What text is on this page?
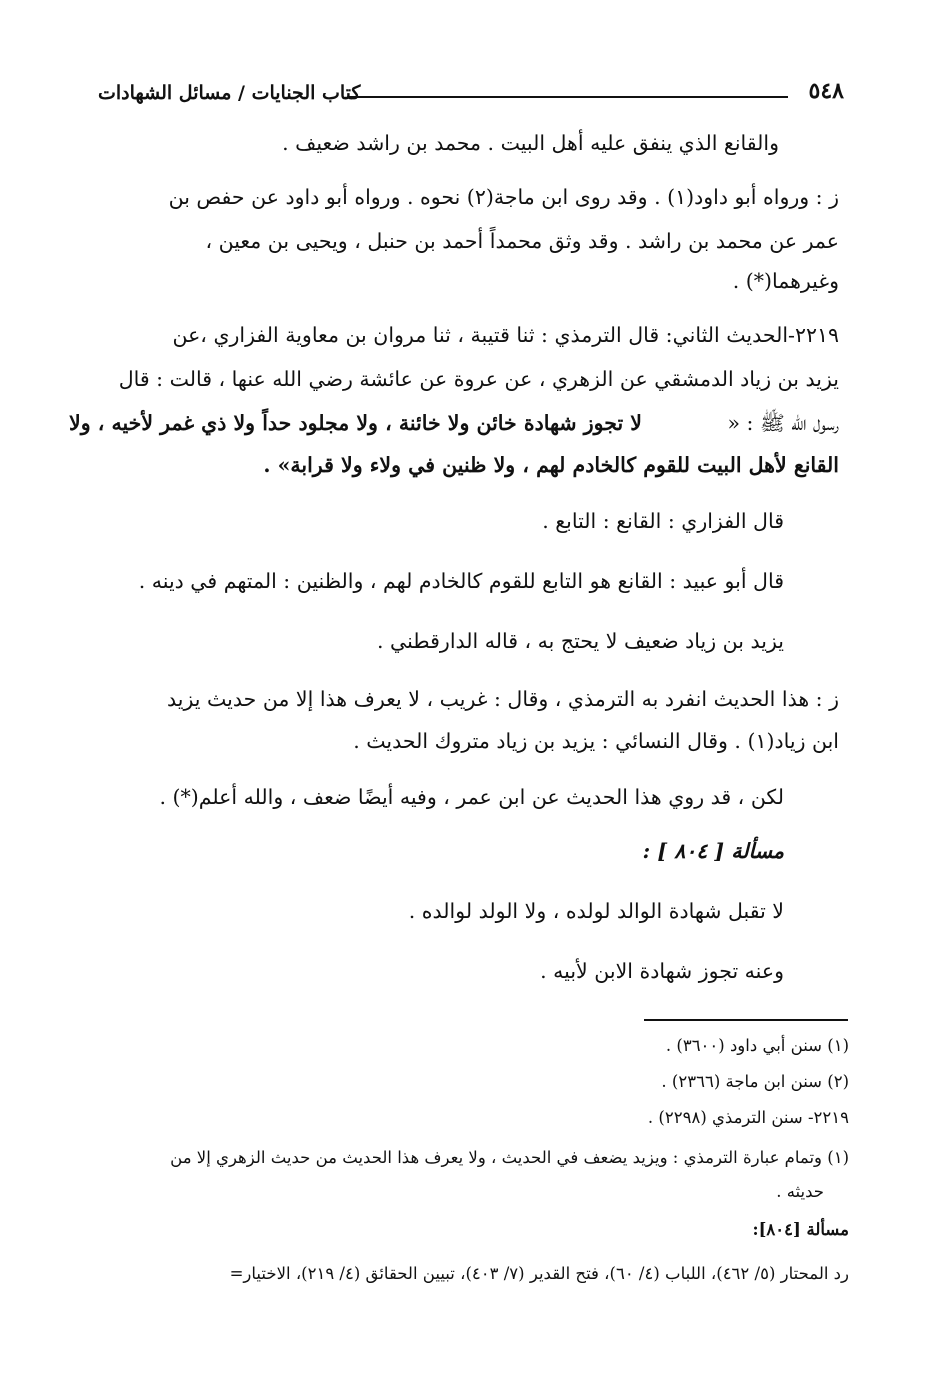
٥٤٨
كتاب الجنايات / مسائل الشهادات
والقانع الذي ينفق عليه أهل البيت . محمد بن راشد ضعيف .
ز : ورواه أبو داود(١) . وقد روى ابن ماجة(٢) نحوه . ورواه أبو داود عن حفص بن
عمر عن محمد بن راشد . وقد وثق محمداً أحمد بن حنبل ، ويحيى بن معين ،
وغيرهما(*) .
٢٢١٩-الحديث الثاني: قال الترمذي : ثنا قتيبة ، ثنا مروان بن معاوية الفزاري ،عن
يزيد بن زياد الدمشقي عن الزهري ، عن عروة عن عائشة رضي الله عنها ، قالت : قال
رسول الله ﷺ : «
لا تجوز شهادة خائن ولا خائنة ، ولا مجلود حداً ولا ذي غمر لأخيه ، ولا
القانع لأهل البيت للقوم كالخادم لهم ، ولا ظنين في ولاء ولا قرابة» .
قال الفزاري : القانع : التابع .
قال أبو عبيد : القانع هو التابع للقوم كالخادم لهم ، والظنين : المتهم في دينه .
يزيد بن زياد ضعيف لا يحتج به ، قاله الدارقطني .
ز : هذا الحديث انفرد به الترمذي ، وقال : غريب ، لا يعرف هذا إلا من حديث يزيد
ابن زياد(١) . وقال النسائي : يزيد بن زياد متروك الحديث .
لكن ، قد روي هذا الحديث عن ابن عمر ، وفيه أيضًا ضعف ، والله أعلم(*) .
مسألة [ ٨٠٤ ] :
لا تقبل شهادة الوالد لولده ، ولا الولد لوالده .
وعنه تجوز شهادة الابن لأبيه .
(١) سنن أبي داود (٣٦٠٠) .
(٢) سنن ابن ماجة (٢٣٦٦) .
٢٢١٩- سنن الترمذي (٢٢٩٨) .
(١) وتمام عبارة الترمذي : ويزيد يضعف في الحديث ، ولا يعرف هذا الحديث من حديث الزهري إلا من
حديثه .
مسألة [٨٠٤]:
رد المحتار (٥/ ٤٦٢)، اللباب (٤/ ٦٠)، فتح القدير (٧/ ٤٠٣)، تبيين الحقائق (٤/ ٢١٩)، الاختيار=
